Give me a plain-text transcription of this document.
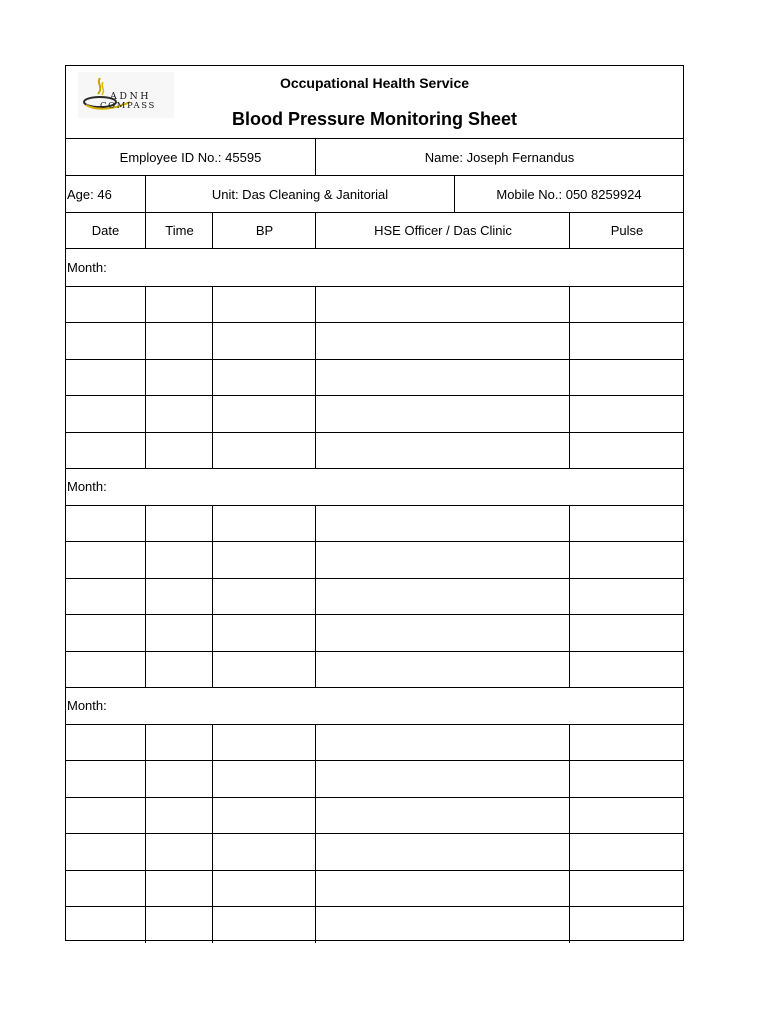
ADNH
COMPASS
Occupational Health Service
Blood Pressure Monitoring Sheet
Employee ID No.: 45595	Name: Joseph Fernandus
Age: 46	Unit: Das Cleaning & Janitorial	Mobile No.: 050 8259924
Date	Time	BP	HSE Officer / Das Clinic	Pulse
Month:
Month:
Month:
